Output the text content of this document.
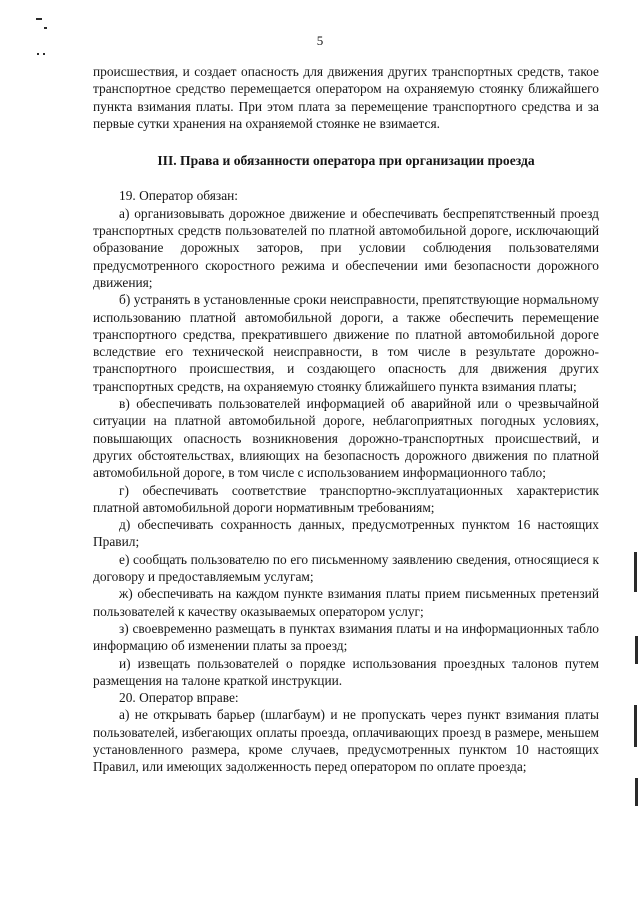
5

происшествия, и создает опасность для движения других транспортных средств, такое транспортное средство перемещается оператором на охраняемую стоянку ближайшего пункта взимания платы. При этом плата за перемещение транспортного средства и за первые сутки хранения на охраняемой стоянке не взимается.

III. Права и обязанности оператора при организации проезда

19. Оператор обязан:

а) организовывать дорожное движение и обеспечивать беспрепятственный проезд транспортных средств пользователей по платной автомобильной дороге, исключающий образование дорожных заторов, при условии соблюдения пользователями предусмотренного скоростного режима и обеспечении ими безопасности дорожного движения;

б) устранять в установленные сроки неисправности, препятствующие нормальному использованию платной автомобильной дороги, а также обеспечить перемещение транспортного средства, прекратившего движение по платной автомобильной дороге вследствие его технической неисправности, в том числе в результате дорожно-транспортного происшествия, и создающего опасность для движения других транспортных средств, на охраняемую стоянку ближайшего пункта взимания платы;

в) обеспечивать пользователей информацией об аварийной или о чрезвычайной ситуации на платной автомобильной дороге, неблагоприятных погодных условиях, повышающих опасность возникновения дорожно-транспортных происшествий, и других обстоятельствах, влияющих на безопасность дорожного движения по платной автомобильной дороге, в том числе с использованием информационного табло;

г) обеспечивать соответствие транспортно-эксплуатационных характеристик платной автомобильной дороги нормативным требованиям;

д) обеспечивать сохранность данных, предусмотренных пунктом 16 настоящих Правил;

е) сообщать пользователю по его письменному заявлению сведения, относящиеся к договору и предоставляемым услугам;

ж) обеспечивать на каждом пункте взимания платы прием письменных претензий пользователей к качеству оказываемых оператором услуг;

з) своевременно размещать в пунктах взимания платы и на информационных табло информацию об изменении платы за проезд;

и) извещать пользователей о порядке использования проездных талонов путем размещения на талоне краткой инструкции.

20. Оператор вправе:

а) не открывать барьер (шлагбаум) и не пропускать через пункт взимания платы пользователей, избегающих оплаты проезда, оплачивающих проезд в размере, меньшем установленного размера, кроме случаев, предусмотренных пунктом 10 настоящих Правил, или имеющих задолженность перед оператором по оплате проезда;
